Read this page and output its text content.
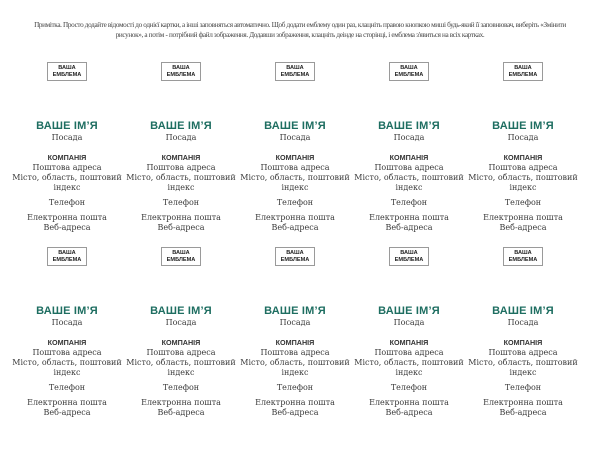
Примітка. Просто додайте відомості до однієї картки, а інші заповняться автоматично. Щоб додати емблему один раз, клацніть правою кнопкою миші будь-який її заповнювач, виберіть «Змінити рисунок», а потім - потрібний файл зображення. Додавши зображення, клацніть деінде на сторінці, і емблема з'явиться на всіх картках.
ВАША
ЕМБЛЕМА
ВАШЕ ІМ’Я
Посада
КОМПАНІЯ
Поштова адреса
Місто, область, поштовий індекс
Телефон
Електронна пошта
Веб-адреса
ВАША
ЕМБЛЕМА
ВАШЕ ІМ’Я
Посада
КОМПАНІЯ
Поштова адреса
Місто, область, поштовий індекс
Телефон
Електронна пошта
Веб-адреса
ВАША
ЕМБЛЕМА
ВАШЕ ІМ’Я
Посада
КОМПАНІЯ
Поштова адреса
Місто, область, поштовий індекс
Телефон
Електронна пошта
Веб-адреса
ВАША
ЕМБЛЕМА
ВАШЕ ІМ’Я
Посада
КОМПАНІЯ
Поштова адреса
Місто, область, поштовий індекс
Телефон
Електронна пошта
Веб-адреса
ВАША
ЕМБЛЕМА
ВАШЕ ІМ’Я
Посада
КОМПАНІЯ
Поштова адреса
Місто, область, поштовий індекс
Телефон
Електронна пошта
Веб-адреса
ВАША
ЕМБЛЕМА
ВАШЕ ІМ’Я
Посада
КОМПАНІЯ
Поштова адреса
Місто, область, поштовий індекс
Телефон
Електронна пошта
Веб-адреса
ВАША
ЕМБЛЕМА
ВАШЕ ІМ’Я
Посада
КОМПАНІЯ
Поштова адреса
Місто, область, поштовий індекс
Телефон
Електронна пошта
Веб-адреса
ВАША
ЕМБЛЕМА
ВАШЕ ІМ’Я
Посада
КОМПАНІЯ
Поштова адреса
Місто, область, поштовий індекс
Телефон
Електронна пошта
Веб-адреса
ВАША
ЕМБЛЕМА
ВАШЕ ІМ’Я
Посада
КОМПАНІЯ
Поштова адреса
Місто, область, поштовий індекс
Телефон
Електронна пошта
Веб-адреса
ВАША
ЕМБЛЕМА
ВАШЕ ІМ’Я
Посада
КОМПАНІЯ
Поштова адреса
Місто, область, поштовий індекс
Телефон
Електронна пошта
Веб-адреса
